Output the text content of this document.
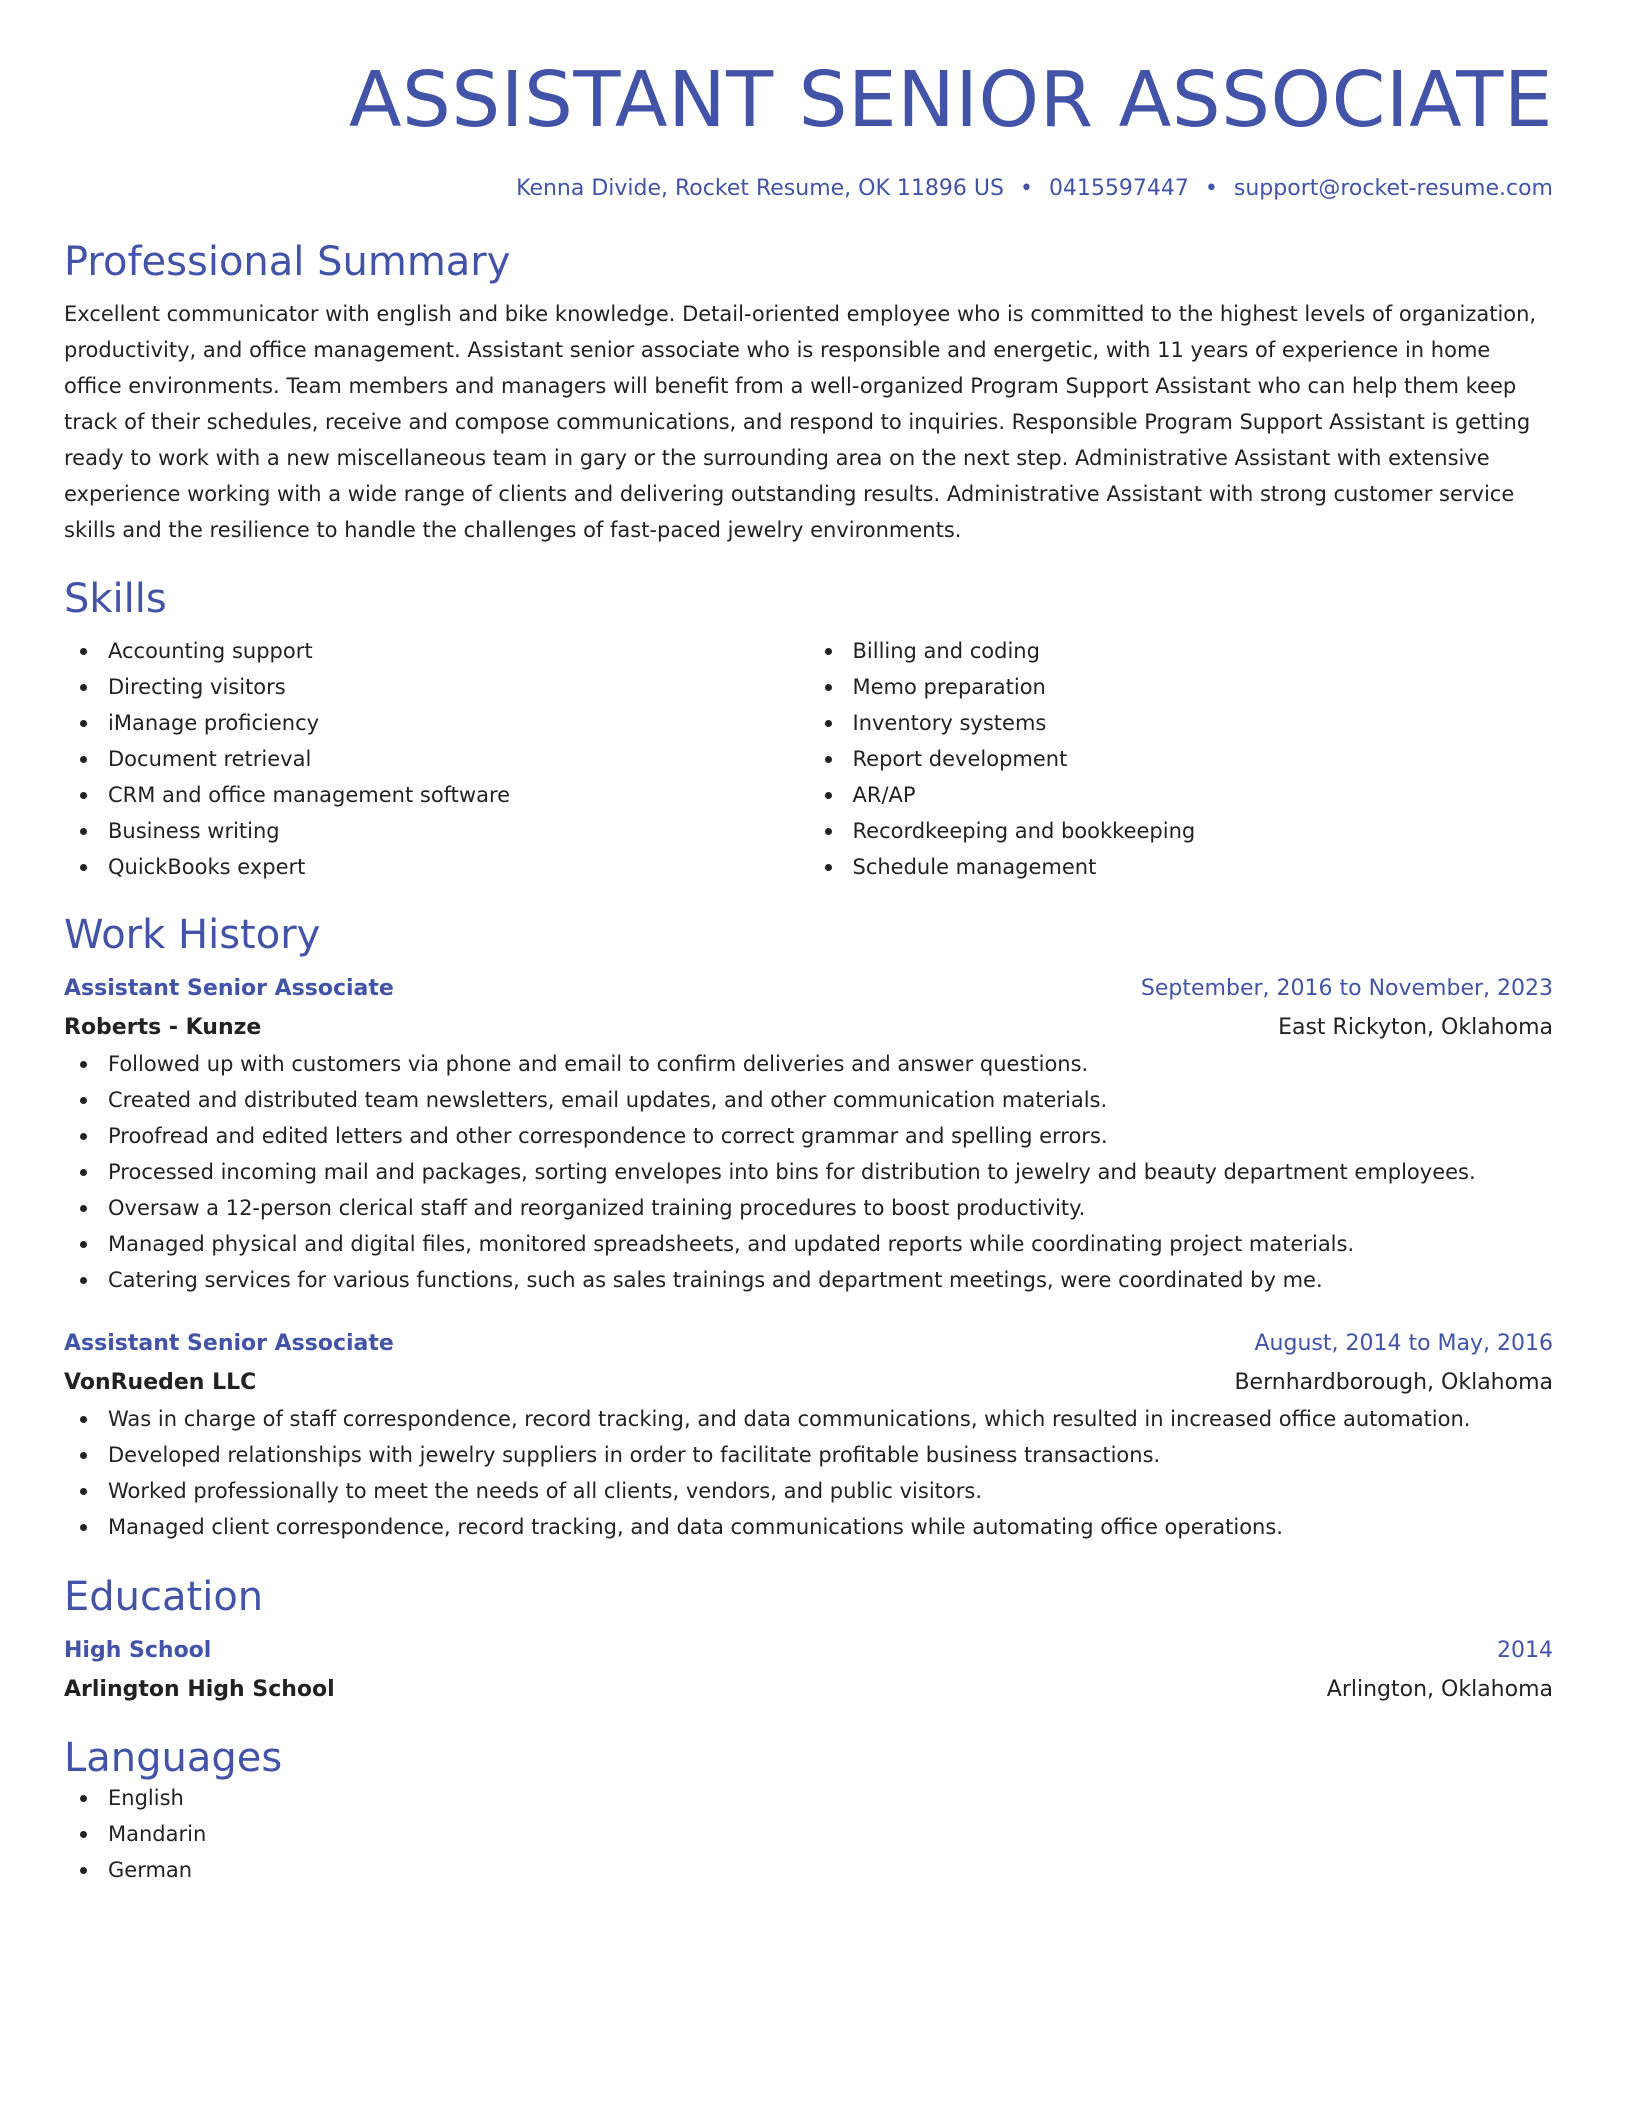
ASSISTANT SENIOR ASSOCIATE
Kenna Divide, Rocket Resume, OK 11896 US • 0415597447 • support@rocket-resume.com
Professional Summary

Excellent communicator with english and bike knowledge. Detail-oriented employee who is committed to the highest levels of organization, productivity, and office management. Assistant senior associate who is responsible and energetic, with 11 years of experience in home office environments. Team members and managers will benefit from a well-organized Program Support Assistant who can help them keep track of their schedules, receive and compose communications, and respond to inquiries. Responsible Program Support Assistant is getting ready to work with a new miscellaneous team in gary or the surrounding area on the next step. Administrative Assistant with extensive experience working with a wide range of clients and delivering outstanding results. Administrative Assistant with strong customer service skills and the resilience to handle the challenges of fast-paced jewelry environments.

Skills
Accounting support
Directing visitors
iManage proficiency
Document retrieval
CRM and office management software
Business writing
QuickBooks expert
Billing and coding
Memo preparation
Inventory systems
Report development
AR/AP
Recordkeeping and bookkeeping
Schedule management
Work History
Assistant Senior Associate	September, 2016 to November, 2023
Roberts - Kunze	East Rickyton, Oklahoma
Followed up with customers via phone and email to confirm deliveries and answer questions.
Created and distributed team newsletters, email updates, and other communication materials.
Proofread and edited letters and other correspondence to correct grammar and spelling errors.
Processed incoming mail and packages, sorting envelopes into bins for distribution to jewelry and beauty department employees.
Oversaw a 12-person clerical staff and reorganized training procedures to boost productivity.
Managed physical and digital files, monitored spreadsheets, and updated reports while coordinating project materials.
Catering services for various functions, such as sales trainings and department meetings, were coordinated by me.
Assistant Senior Associate	August, 2014 to May, 2016
VonRueden LLC	Bernhardborough, Oklahoma
Was in charge of staff correspondence, record tracking, and data communications, which resulted in increased office automation.
Developed relationships with jewelry suppliers in order to facilitate profitable business transactions.
Worked professionally to meet the needs of all clients, vendors, and public visitors.
Managed client correspondence, record tracking, and data communications while automating office operations.
Education
High School	2014
Arlington High School	Arlington, Oklahoma
Languages
English
Mandarin
German
